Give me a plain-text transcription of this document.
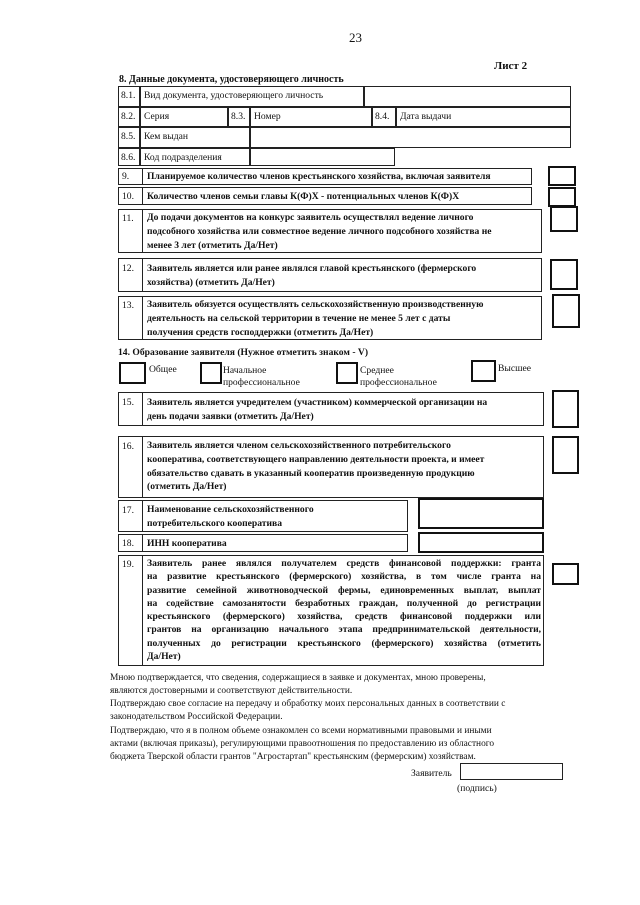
23
Лист 2
8. Данные документа, удостоверяющего личность
8.1. Вид документа, удостоверяющего личность
8.2. Серия	8.3. Номер	8.4. Дата выдачи
8.5. Кем выдан
8.6. Код подразделения
9. Планируемое количество членов крестьянского хозяйства, включая заявителя
10. Количество членов семьи главы К(Ф)Х - потенциальных членов К(Ф)Х
11. До подачи документов на конкурс заявитель осуществлял ведение личного
подсобного хозяйства или совместное ведение личного подсобного хозяйства не
менее 3 лет (отметить Да/Нет)
12. Заявитель является или ранее являлся главой крестьянского (фермерского
хозяйства) (отметить Да/Нет)
13. Заявитель обязуется осуществлять сельскохозяйственную производственную
деятельность на сельской территории в течение не менее 5 лет с даты
получения средств господдержки (отметить Да/Нет)
14. Образование заявителя (Нужное отметить знаком - V)
Общее	Начальное
профессиональное
Среднее
профессиональное
Высшее
15. Заявитель является учредителем (участником) коммерческой организации на
день подачи заявки (отметить Да/Нет)
16. Заявитель является членом сельскохозяйственного потребительского
кооператива, соответствующего направлению деятельности проекта, и имеет
обязательство сдавать в указанный кооператив произведенную продукцию
(отметить Да/Нет)
17. Наименование сельскохозяйственного
потребительского кооператива
18. ИНН кооператива
19. Заявитель ранее являлся получателем средств финансовой поддержки: гранта
на развитие крестьянского (фермерского) хозяйства, в том числе гранта на
развитие семейной животноводческой фермы, единовременных выплат, выплат
на содействие самозанятости безработных граждан, полученной до регистрации
крестьянского (фермерского) хозяйства, средств финансовой поддержки или
грантов на организацию начального этапа предпринимательской деятельности,
полученных до регистрации крестьянского (фермерского) хозяйства (отметить
Да/Нет)
Мною подтверждается, что сведения, содержащиеся в заявке и документах, мною проверены,
являются достоверными и соответствуют действительности.
Подтверждаю свое согласие на передачу и обработку моих персональных данных в соответствии с
законодательством Российской Федерации.
Подтверждаю, что я в полном объеме ознакомлен со всеми нормативными правовыми и иными
актами (включая приказы), регулирующими правоотношения по предоставлению из областного
бюджета Тверской области грантов "Агростартап" крестьянским (фермерским) хозяйствам.
Заявитель
(подпись)
